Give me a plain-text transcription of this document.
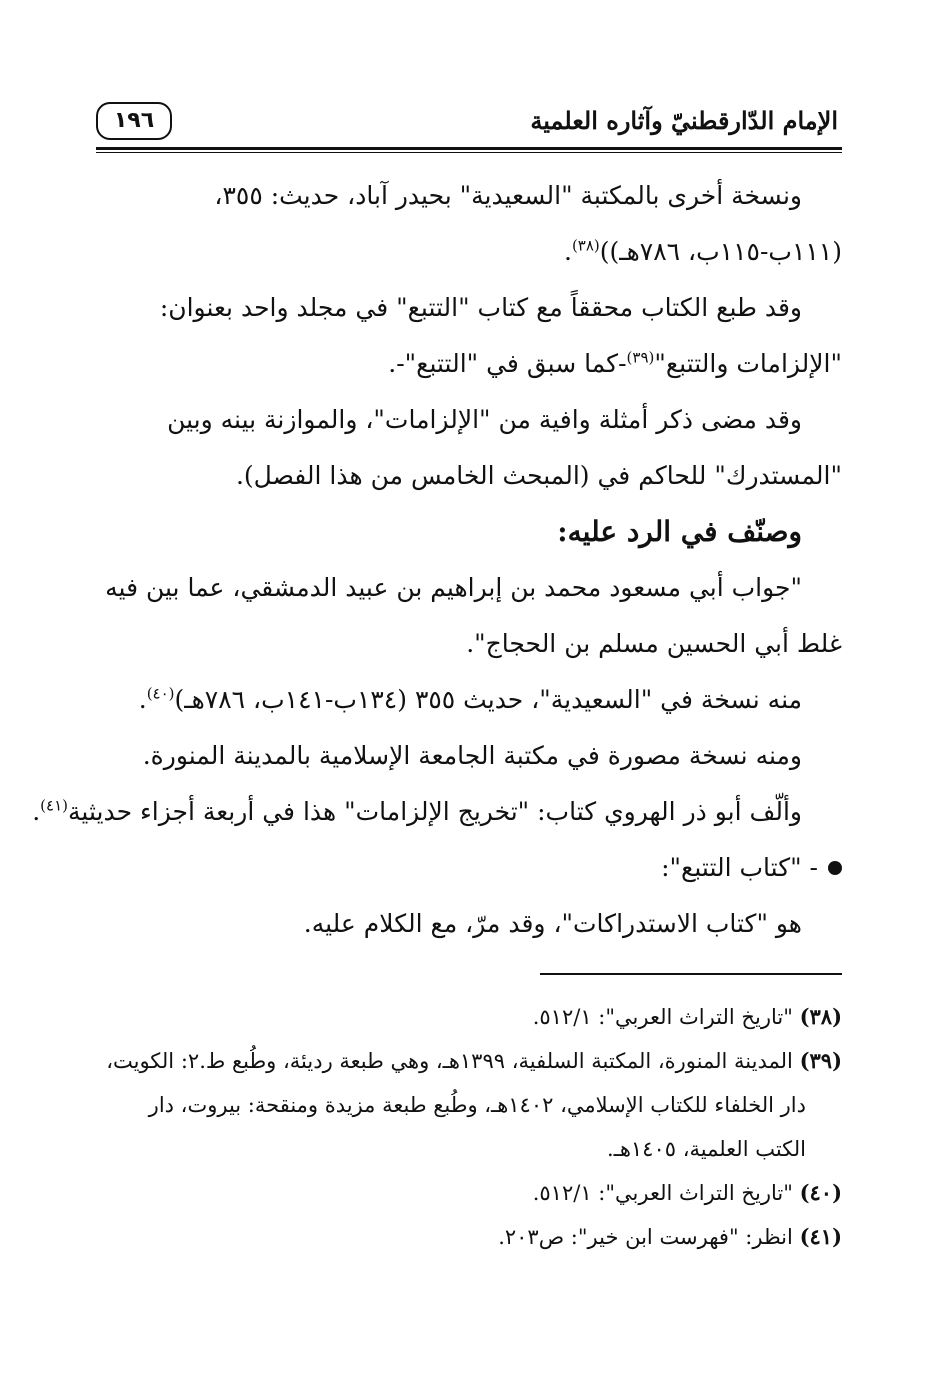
١٩٦	الإمام الدّارقطنيّ وآثاره العلمية
ونسخة أخرى بالمكتبة "السعيدية" بحيدر آباد، حديث: ٣٥٥،
(١١١ب-١١٥ب، ٧٨٦هـ))$^{(٣٨)}$.
وقد طبع الكتاب محققاً مع كتاب "التتبع" في مجلد واحد بعنوان:
"الإلزامات والتتبع"$^{(٣٩)}$-كما سبق في "التتبع"-.
وقد مضى ذكر أمثلة وافية من "الإلزامات"، والموازنة بينه وبين
"المستدرك" للحاكم في (المبحث الخامس من هذا الفصل).
وصنّف في الرد عليه:
"جواب أبي مسعود محمد بن إبراهيم بن عبيد الدمشقي، عما بين فيه
غلط أبي الحسين مسلم بن الحجاج".
منه نسخة في "السعيدية"، حديث ٣٥٥ (١٣٤ب-١٤١ب، ٧٨٦هـ)$^{(٤٠)}$.
ومنه نسخة مصورة في مكتبة الجامعة الإسلامية بالمدينة المنورة.
وألّف أبو ذر الهروي كتاب: "تخريج الإلزامات" هذا في أربعة أجزاء حديثية$^{(٤١)}$.
- "كتاب التتبع":
هو "كتاب الاستدراكات"، وقد مرّ، مع الكلام عليه.
(٣٨) "تاريخ التراث العربي": ٥١٢/١.
(٣٩) المدينة المنورة، المكتبة السلفية، ١٣٩٩هـ، وهي طبعة رديئة، وطُبع ط.٢: الكويت،
دار الخلفاء للكتاب الإسلامي، ١٤٠٢هـ، وطُبع طبعة مزيدة ومنقحة: بيروت، دار
الكتب العلمية، ١٤٠٥هـ.
(٤٠) "تاريخ التراث العربي": ٥١٢/١.
(٤١) انظر: "فهرست ابن خير": ص٢٠٣.
